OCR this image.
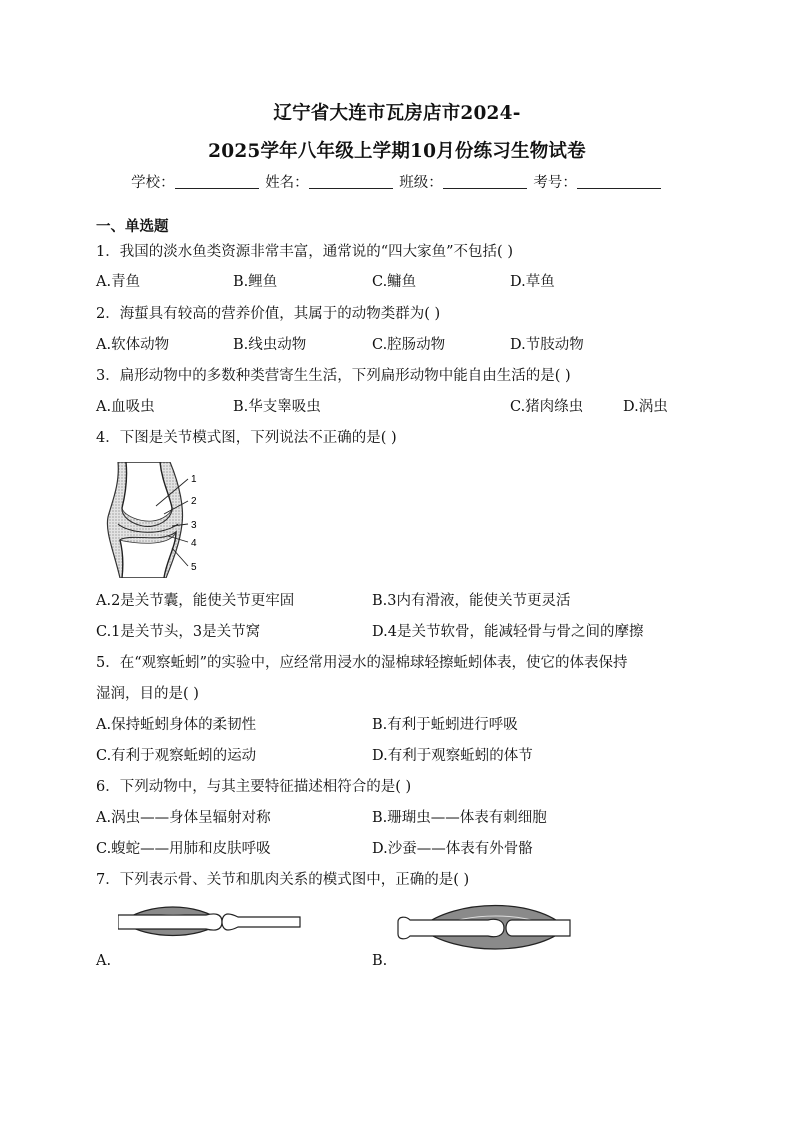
辽宁省大连市瓦房店市2024-
2025学年八年级上学期10月份练习生物试卷
学校：	姓名：	班级：	考号：
一、单选题
1．我国的淡水鱼类资源非常丰富，通常说的“四大家鱼”不包括( )
A.青鱼	B.鲤鱼	C.鳙鱼	D.草鱼
2．海蜇具有较高的营养价值，其属于的动物类群为( )
A.软体动物	B.线虫动物	C.腔肠动物	D.节肢动物
3．扁形动物中的多数种类营寄生生活，下列扁形动物中能自由生活的是( )
A.血吸虫	B.华支睾吸虫	C.猪肉绦虫	D.涡虫
4．下图是关节模式图，下列说法不正确的是( )
1
2
3
4
5
A.2是关节囊，能使关节更牢固	B.3内有滑液，能使关节更灵活
C.1是关节头，3是关节窝	D.4是关节软骨，能减轻骨与骨之间的摩擦
5．在“观察蚯蚓”的实验中，应经常用浸水的湿棉球轻擦蚯蚓体表，使它的体表保持
湿润，目的是( )
A.保持蚯蚓身体的柔韧性	B.有利于蚯蚓进行呼吸
C.有利于观察蚯蚓的运动	D.有利于观察蚯蚓的体节
6．下列动物中，与其主要特征描述相符合的是( )
A.涡虫——身体呈辐射对称	B.珊瑚虫——体表有刺细胞
C.蝮蛇——用肺和皮肤呼吸	D.沙蚕——体表有外骨骼
7．下列表示骨、关节和肌肉关系的模式图中，正确的是( )
A.	B.
